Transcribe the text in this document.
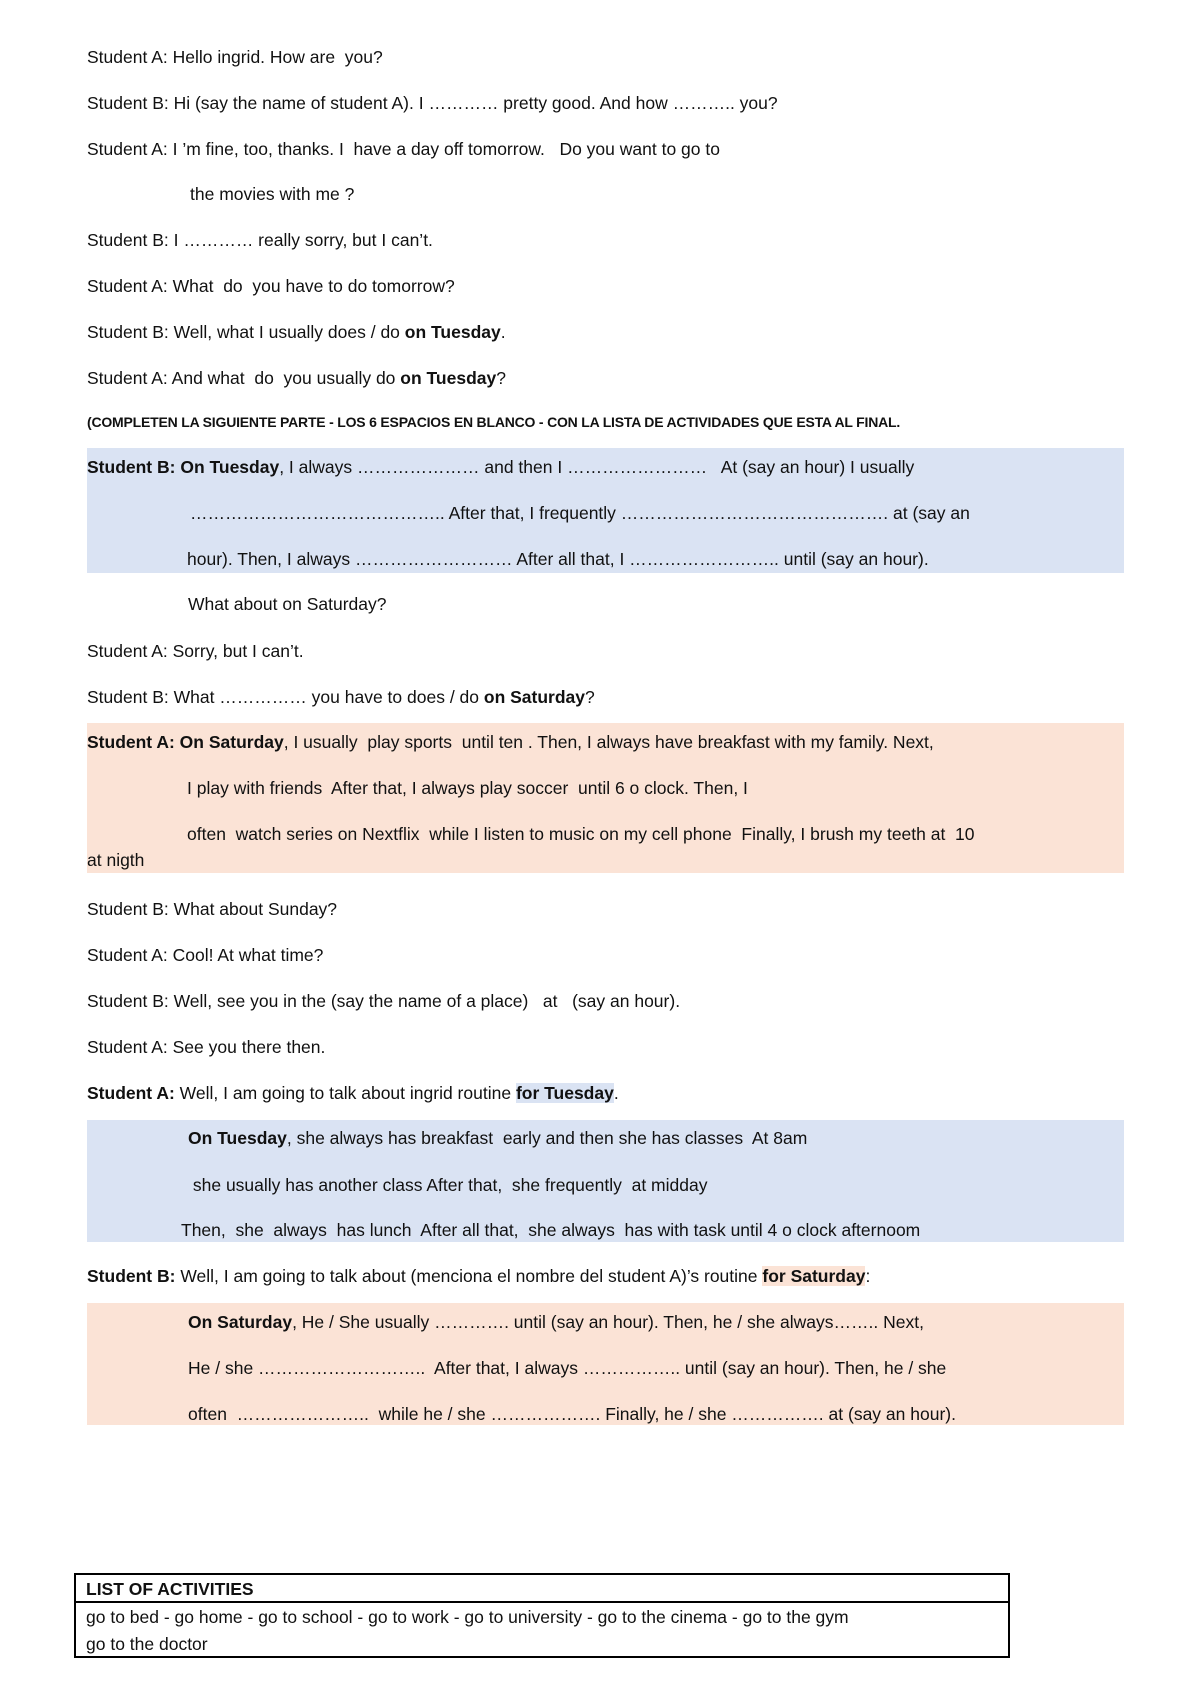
Student A: Hello ingrid. How are  you?
Student B: Hi (say the name of student A). I ………… pretty good. And how ……….. you?
Student A: I ’m fine, too, thanks. I  have a day off tomorrow.   Do you want to go to
the movies with me ?
Student B: I ………… really sorry, but I can’t.
Student A: What  do  you have to do tomorrow?
Student B: Well, what I usually does / do on Tuesday.
Student A: And what  do  you usually do on Tuesday?
(COMPLETEN LA SIGUIENTE PARTE - LOS 6 ESPACIOS EN BLANCO - CON LA LISTA DE ACTIVIDADES QUE ESTA AL FINAL.
Student B: On Tuesday, I always ………………… and then I ……………………   At (say an hour) I usually
…………………………………….. After that, I frequently ………………………………………. at (say an
hour). Then, I always ……………………… After all that, I …………………….. until (say an hour).
What about on Saturday?
Student A: Sorry, but I can’t.
Student B: What …………… you have to does / do on Saturday?
Student A: On Saturday, I usually  play sports  until ten . Then, I always have breakfast with my family. Next,
I play with friends  After that, I always play soccer  until 6 o clock. Then, I
often  watch series on Nextflix  while I listen to music on my cell phone  Finally, I brush my teeth at  10
at nigth
Student B: What about Sunday?
Student A: Cool! At what time?
Student B: Well, see you in the (say the name of a place)   at   (say an hour).
Student A: See you there then.
Student A: Well, I am going to talk about ingrid routine for Tuesday.
On Tuesday, she always has breakfast  early and then she has classes  At 8am
she usually has another class After that,  she frequently  at midday
Then,  she  always  has lunch  After all that,  she always  has with task until 4 o clock afternoom
Student B: Well, I am going to talk about (menciona el nombre del student A)’s routine for Saturday:
On Saturday, He / She usually …………. until (say an hour). Then, he / she always…….. Next,
He / she ………………………..  After that, I always …………….. until (say an hour). Then, he / she
often  …………………..  while he / she ………………. Finally, he / she ……………. at (say an hour).
LIST OF ACTIVITIES
go to bed - go home - go to school - go to work - go to university - go to the cinema - go to the gym
go to the doctor
